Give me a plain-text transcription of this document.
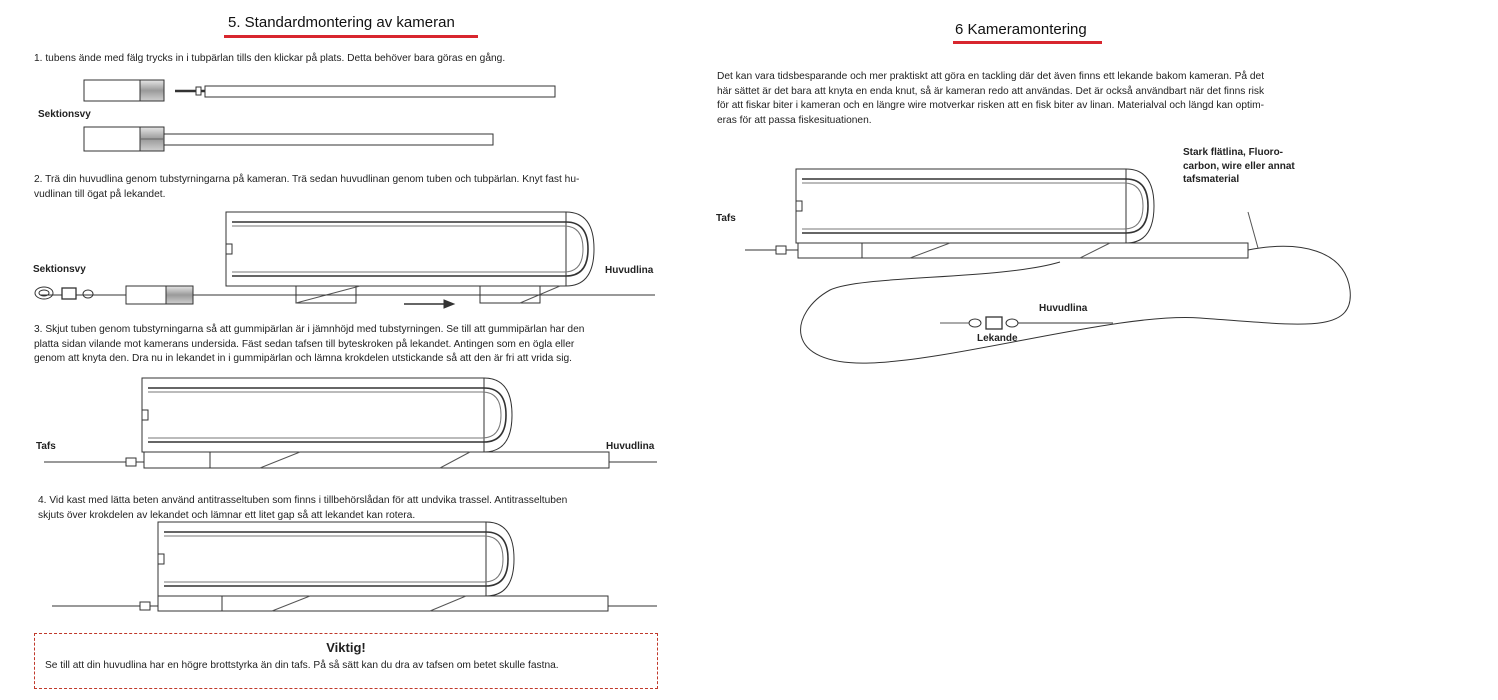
5. Standardmontering av kameran
1. tubens ände med fälg trycks in i tubpärlan tills den klickar på plats. Detta behöver bara göras en gång.
Sektionsvy
2. Trä din huvudlina genom tubstyrningarna på kameran. Trä sedan huvudlinan genom tuben och tubpärlan. Knyt fast hu-
vudlinan till ögat på lekandet.
Sektionsvy	Huvudlina
3. Skjut tuben genom tubstyrningarna så att gummipärlan är i jämnhöjd med tubstyrningen. Se till att gummipärlan har den
platta sidan vilande mot kamerans undersida. Fäst sedan tafsen till byteskroken på lekandet. Antingen som en ögla eller
genom att knyta den. Dra nu in lekandet in i gummipärlan och lämna krokdelen utstickande så att den är fri att vrida sig.
Tafs	Huvudlina
4. Vid kast med lätta beten använd antitrasseltuben som finns i tillbehörslådan för att undvika trassel. Antitrasseltuben
skjuts över krokdelen av lekandet och lämnar ett litet gap så att lekandet kan rotera.
Viktig!
Se till att din huvudlina har en högre brottstyrka än din tafs. På så sätt kan du dra av tafsen om betet skulle fastna.
6 Kameramontering
Det kan vara tidsbesparande och mer praktiskt att göra en tackling där det även finns ett lekande bakom kameran. På det
här sättet är det bara att knyta en enda knut, så är kameran redo att användas. Det är också användbart när det finns risk
för att fiskar biter i kameran och en längre wire motverkar risken att en fisk biter av linan. Materialval och längd kan optim-
eras för att passa fiskesituationen.
Stark flätlina, Fluoro-
carbon, wire eller annat
tafsmaterial
Tafs
Huvudlina
Lekande
